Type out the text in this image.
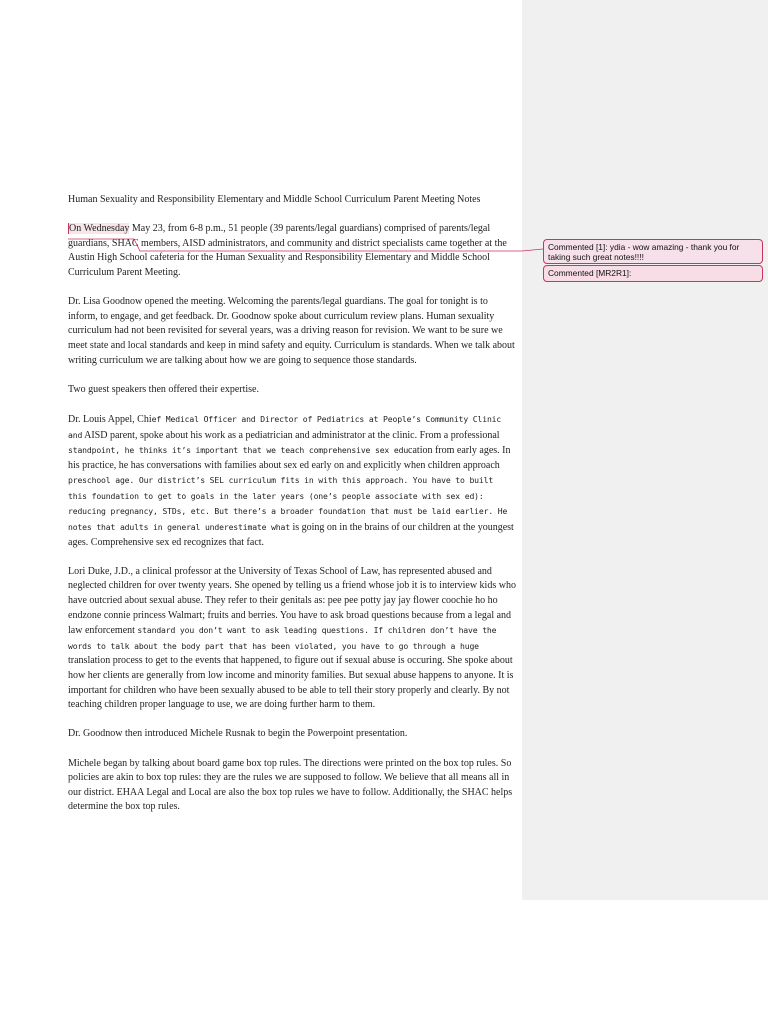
Human Sexuality and Responsibility Elementary and Middle School Curriculum Parent Meeting Notes

On Wednesday May 23, from 6-8 p.m., 51 people (39 parents/legal guardians) comprised of parents/legal guardians, SHAC members, AISD administrators, and community and district specialists came together at the Austin High School cafeteria for the Human Sexuality and Responsibility Elementary and Middle School Curriculum Parent Meeting.

Dr. Lisa Goodnow opened the meeting. Welcoming the parents/legal guardians. The goal for tonight is to inform, to engage, and get feedback. Dr. Goodnow spoke about curriculum review plans. Human sexuality curriculum had not been revisited for several years, was a driving reason for revision. We want to be sure we meet state and local standards and keep in mind safety and equity. Curriculum is standards. When we talk about writing curriculum we are talking about how we are going to sequence those standards.

Two guest speakers then offered their expertise.

Dr. Louis Appel, Chief Medical Officer and Director of Pediatrics at People’s Community Clinic and AISD parent, spoke about his work as a pediatrician and administrator at the clinic. From a professional standpoint, he thinks it’s important that we teach comprehensive sex education from early ages. In his practice, he has conversations with families about sex ed early on and explicitly when children approach preschool age. Our district’s SEL curriculum fits in with this approach. You have to built this foundation to get to goals in the later years (one’s people associate with sex ed): reducing pregnancy, STDs, etc. But there’s a broader foundation that must be laid earlier. He notes that adults in general underestimate what is going on in the brains of our children at the youngest ages. Comprehensive sex ed recognizes that fact.

Lori Duke, J.D., a clinical professor at the University of Texas School of Law, has represented abused and neglected children for over twenty years. She opened by telling us a friend whose job it is to interview kids who have outcried about sexual abuse. They refer to their genitals as: pee pee potty jay jay flower coochie ho ho endzone connie princess Walmart; fruits and berries. You have to ask broad questions because from a legal and law enforcement standard you don’t want to ask leading questions. If children don’t have the words to talk about the body part that has been violated, you have to go through a huge translation process to get to the events that happened, to figure out if sexual abuse is occuring. She spoke about how her clients are generally from low income and minority families. But sexual abuse happens to anyone. It is important for children who have been sexually abused to be able to tell their story properly and clearly. By not teaching children proper language to use, we are doing further harm to them.

Dr. Goodnow then introduced Michele Rusnak to begin the Powerpoint presentation.

Michele began by talking about board game box top rules. The directions were printed on the box top rules. So policies are akin to box top rules: they are the rules we are supposed to follow. We believe that all means all in our district. EHAA Legal and Local are also the box top rules we have to follow. Additionally, the SHAC helps determine the box top rules.

Commented [1]: ydia - wow amazing - thank you for taking such great notes!!!!
Commented [MR2R1]:
